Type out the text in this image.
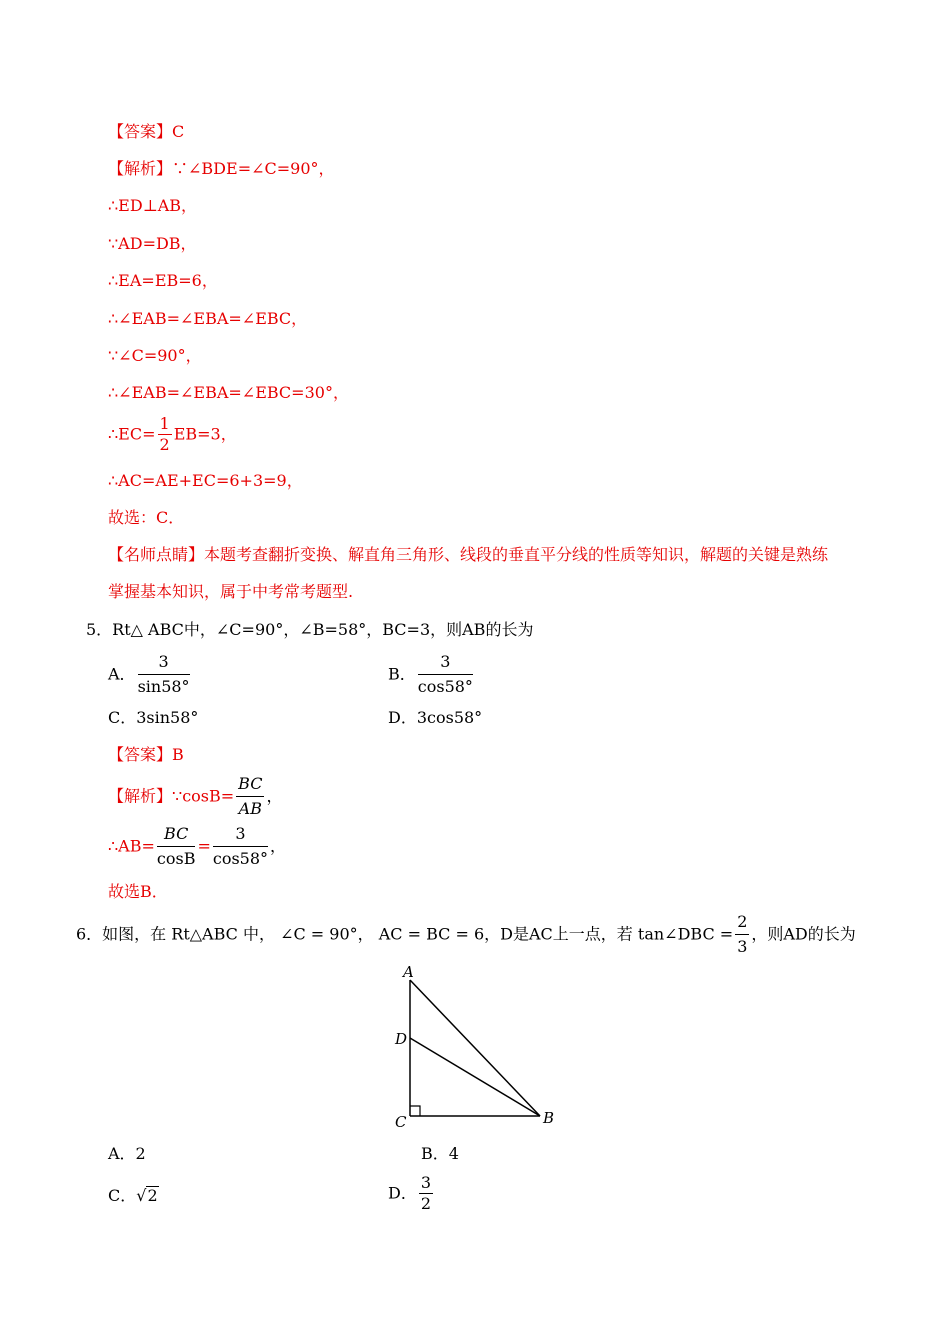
【答案】C
【解析】∵∠BDE=∠C=90°，
∴ED⊥AB，
∵AD=DB，
∴EA=EB=6，
∴∠EAB=∠EBA=∠EBC，
∵∠C=90°，
∴∠EAB=∠EBA=∠EBC=30°，
∴EC= $\frac{1}{2} EB=3$，
∴AC=AE+EC=6+3=9，
故选：C．
【名师点睛】本题考查翻折变换、解直角三角形、线段的垂直平分线的性质等知识，解题的关键是熟练
掌握基本知识，属于中考常考题型.
5．Rt△ ABC中，∠C=90°，∠B=58°，BC=3，则AB的长为
A． $\frac{3}{\sin 58^\circ}$	B． $\frac{3}{\cos 58^\circ}$
C．3sin58°	D．3cos58°
【答案】B
【解析】∵cosB= $\frac{BC}{AB}$ ，
∴AB= $\frac{BC}{\cos B} = \frac{3}{\cos 58^\circ}$ ，
故选B．
6．如图，在 Rt△ABC 中， ∠C = 90°， AC = BC = 6，D是AC上一点，若 tan∠DBC = $\frac{2}{3}$ ，则AD的长为
A
D
C	B
A．2	B．4
C．√2	D． $\frac{3}{2}$
